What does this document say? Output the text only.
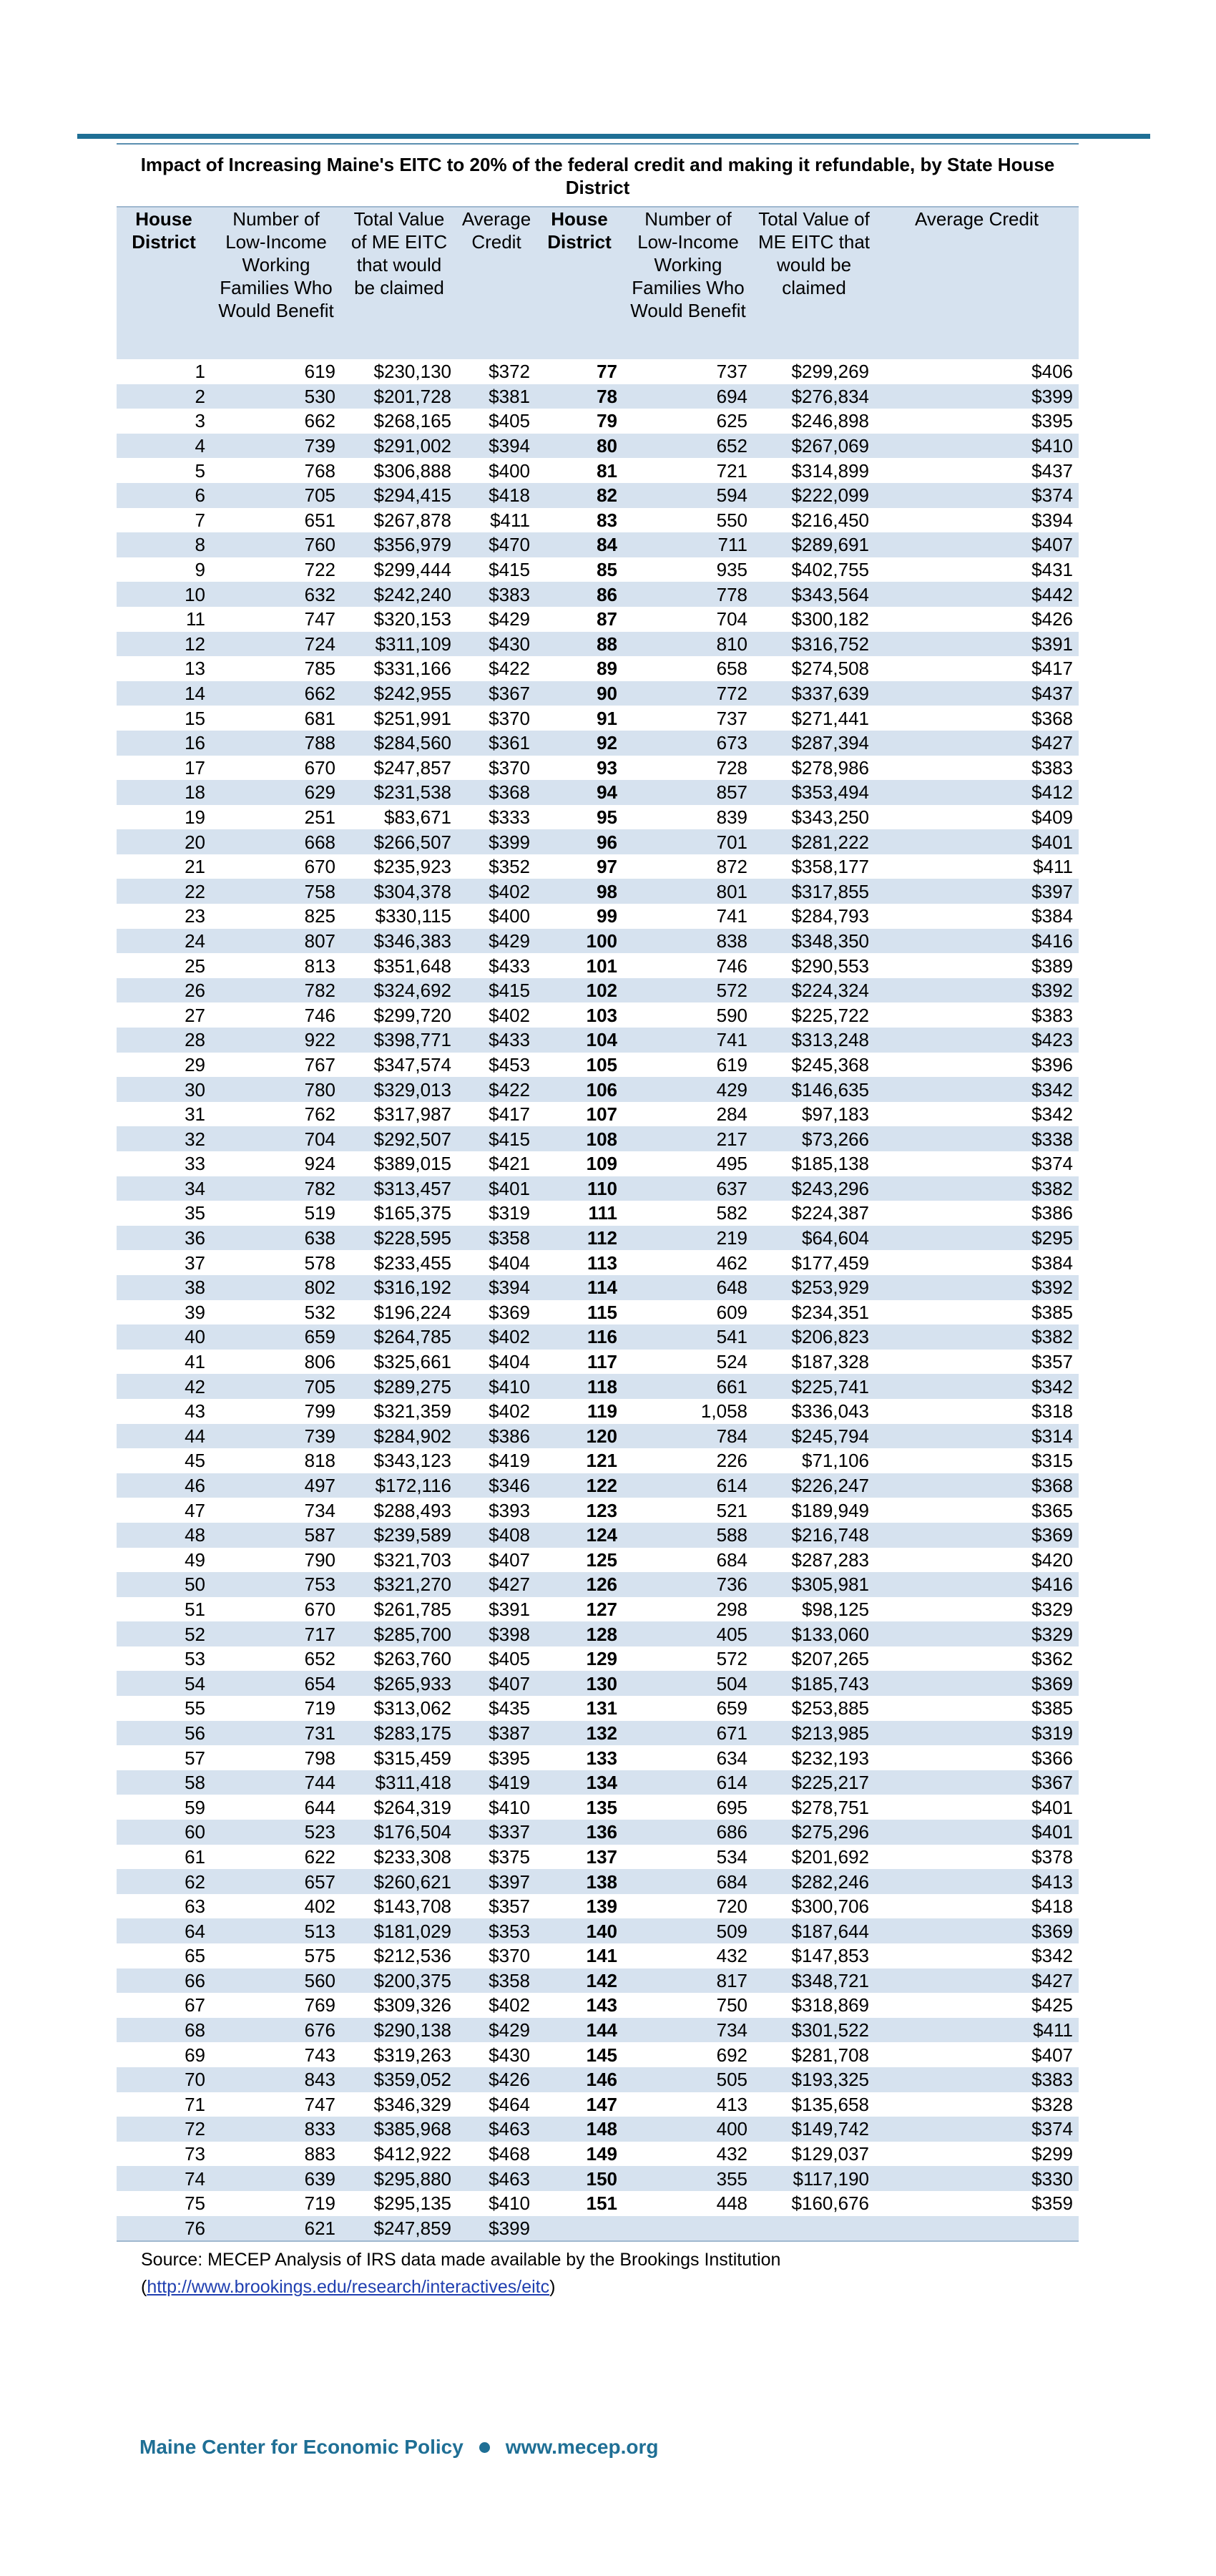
Impact of Increasing Maine's EITC to 20% of the federal credit and making it refundable, by State House District
House District	Number of Low-Income Working Families Who Would Benefit	Total Value of ME EITC that would be claimed	Average Credit	House District	Number of Low-Income Working Families Who Would Benefit	Total Value of ME EITC that would be claimed	Average Credit
1	619	$230,130	$372	77	737	$299,269	$406
2	530	$201,728	$381	78	694	$276,834	$399
3	662	$268,165	$405	79	625	$246,898	$395
4	739	$291,002	$394	80	652	$267,069	$410
5	768	$306,888	$400	81	721	$314,899	$437
6	705	$294,415	$418	82	594	$222,099	$374
7	651	$267,878	$411	83	550	$216,450	$394
8	760	$356,979	$470	84	711	$289,691	$407
9	722	$299,444	$415	85	935	$402,755	$431
10	632	$242,240	$383	86	778	$343,564	$442
11	747	$320,153	$429	87	704	$300,182	$426
12	724	$311,109	$430	88	810	$316,752	$391
13	785	$331,166	$422	89	658	$274,508	$417
14	662	$242,955	$367	90	772	$337,639	$437
15	681	$251,991	$370	91	737	$271,441	$368
16	788	$284,560	$361	92	673	$287,394	$427
17	670	$247,857	$370	93	728	$278,986	$383
18	629	$231,538	$368	94	857	$353,494	$412
19	251	$83,671	$333	95	839	$343,250	$409
20	668	$266,507	$399	96	701	$281,222	$401
21	670	$235,923	$352	97	872	$358,177	$411
22	758	$304,378	$402	98	801	$317,855	$397
23	825	$330,115	$400	99	741	$284,793	$384
24	807	$346,383	$429	100	838	$348,350	$416
25	813	$351,648	$433	101	746	$290,553	$389
26	782	$324,692	$415	102	572	$224,324	$392
27	746	$299,720	$402	103	590	$225,722	$383
28	922	$398,771	$433	104	741	$313,248	$423
29	767	$347,574	$453	105	619	$245,368	$396
30	780	$329,013	$422	106	429	$146,635	$342
31	762	$317,987	$417	107	284	$97,183	$342
32	704	$292,507	$415	108	217	$73,266	$338
33	924	$389,015	$421	109	495	$185,138	$374
34	782	$313,457	$401	110	637	$243,296	$382
35	519	$165,375	$319	111	582	$224,387	$386
36	638	$228,595	$358	112	219	$64,604	$295
37	578	$233,455	$404	113	462	$177,459	$384
38	802	$316,192	$394	114	648	$253,929	$392
39	532	$196,224	$369	115	609	$234,351	$385
40	659	$264,785	$402	116	541	$206,823	$382
41	806	$325,661	$404	117	524	$187,328	$357
42	705	$289,275	$410	118	661	$225,741	$342
43	799	$321,359	$402	119	1,058	$336,043	$318
44	739	$284,902	$386	120	784	$245,794	$314
45	818	$343,123	$419	121	226	$71,106	$315
46	497	$172,116	$346	122	614	$226,247	$368
47	734	$288,493	$393	123	521	$189,949	$365
48	587	$239,589	$408	124	588	$216,748	$369
49	790	$321,703	$407	125	684	$287,283	$420
50	753	$321,270	$427	126	736	$305,981	$416
51	670	$261,785	$391	127	298	$98,125	$329
52	717	$285,700	$398	128	405	$133,060	$329
53	652	$263,760	$405	129	572	$207,265	$362
54	654	$265,933	$407	130	504	$185,743	$369
55	719	$313,062	$435	131	659	$253,885	$385
56	731	$283,175	$387	132	671	$213,985	$319
57	798	$315,459	$395	133	634	$232,193	$366
58	744	$311,418	$419	134	614	$225,217	$367
59	644	$264,319	$410	135	695	$278,751	$401
60	523	$176,504	$337	136	686	$275,296	$401
61	622	$233,308	$375	137	534	$201,692	$378
62	657	$260,621	$397	138	684	$282,246	$413
63	402	$143,708	$357	139	720	$300,706	$418
64	513	$181,029	$353	140	509	$187,644	$369
65	575	$212,536	$370	141	432	$147,853	$342
66	560	$200,375	$358	142	817	$348,721	$427
67	769	$309,326	$402	143	750	$318,869	$425
68	676	$290,138	$429	144	734	$301,522	$411
69	743	$319,263	$430	145	692	$281,708	$407
70	843	$359,052	$426	146	505	$193,325	$383
71	747	$346,329	$464	147	413	$135,658	$328
72	833	$385,968	$463	148	400	$149,742	$374
73	883	$412,922	$468	149	432	$129,037	$299
74	639	$295,880	$463	150	355	$117,190	$330
75	719	$295,135	$410	151	448	$160,676	$359
76	621	$247,859	$399				
Source: MECEP Analysis of IRS data made available by the Brookings Institution
(http://www.brookings.edu/research/interactives/eitc)
Maine Center for Economic Policy www.mecep.org
